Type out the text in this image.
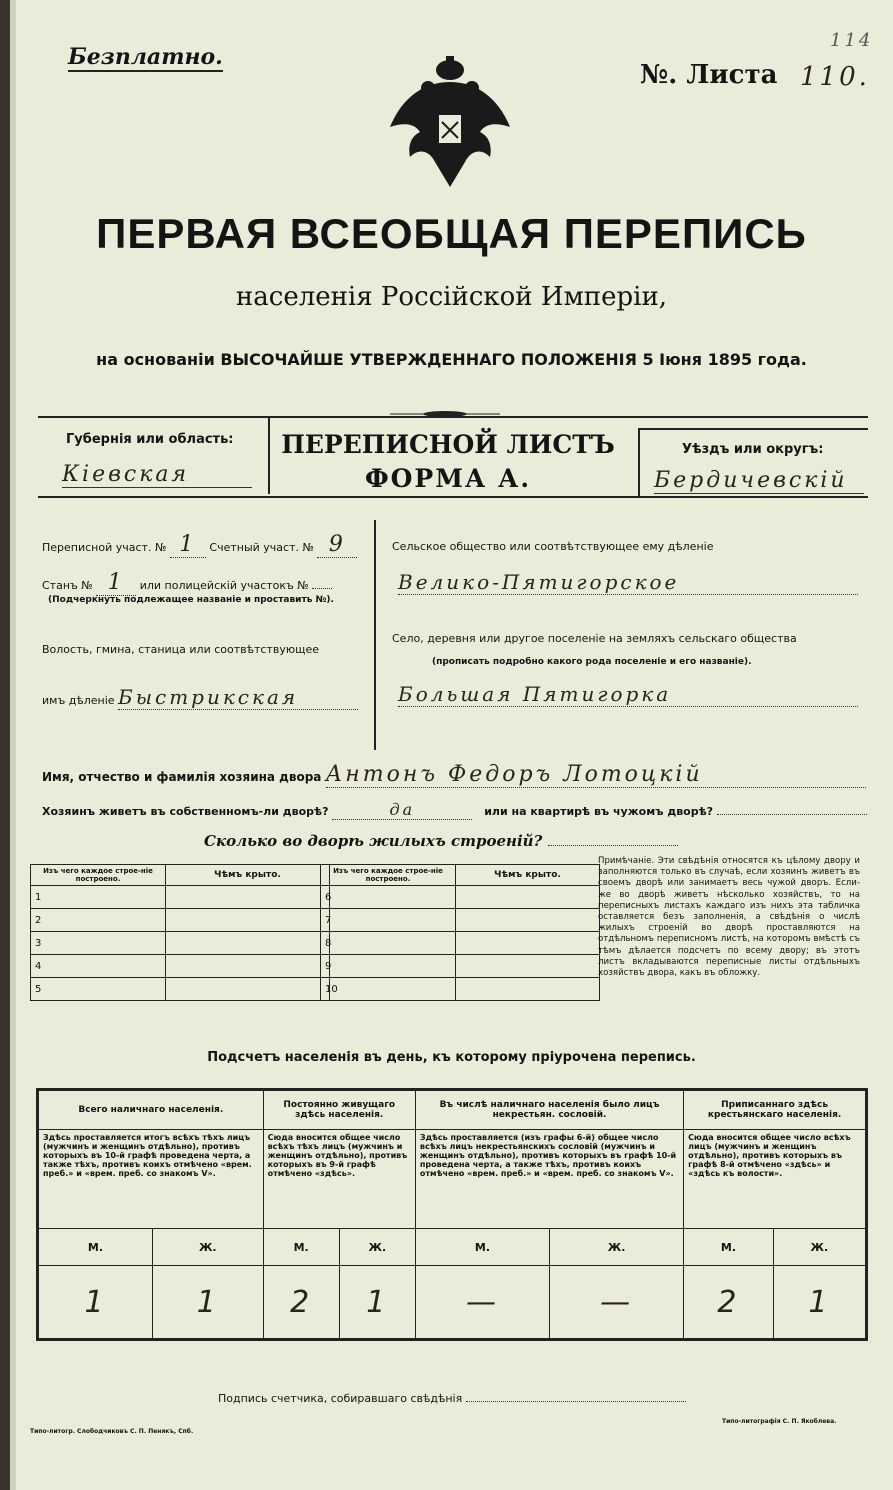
Безплатно.
№. Листа 110.
114
ПЕРВАЯ ВСЕОБЩАЯ ПЕРЕПИСЬ
населенія Россійской Имперіи,
на основаніи ВЫСОЧАЙШЕ УТВЕРЖДЕННАГО ПОЛОЖЕНІЯ 5 Іюня 1895 года.
Губернія или область:
Кіевская
ПЕРЕПИСНОЙ ЛИСТЪ
ФОРМА А.
Уѣздъ или округъ:
Бердичевскій
Переписной участ. № 1 Счетный участ. № 9
Станъ № 1 или полицейскій участокъ №
(Подчеркнуть подлежащее названіе и проставить №).
Волость, гмина, станица или соотвѣтствующее
имъ дѣленіе Быстрикская
Сельское общество или соотвѣтствующее ему дѣленіе
Велико-Пятигорское
Село, деревня или другое поселеніе на земляхъ сельскаго общества
(прописать подробно какого рода поселеніе и его названіе).
Большая Пятигорка
Имя, отчество и фамилія хозяина двора Антонъ Федоръ Лотоцкій
Хозяинъ живетъ въ собственномъ-ли дворѣ?	да	или на квартирѣ въ чужомъ дворѣ?
Сколько во дворѣ жилыхъ строеній?
Изъ чего каждое строе-ніе построено.	Чѣмъ крыто.
1	
2	
3	
4	
5	
Изъ чего каждое строе-ніе построено.	Чѣмъ крыто.
6	
7	
8	
9	
10	
Примѣчаніе. Эти свѣдѣнія относятся къ цѣлому двору и заполняются только въ случаѣ, если хозяинъ живетъ въ своемъ дворѣ или занимаетъ весь чужой дворъ. Если-же во дворѣ живетъ нѣсколько хозяйствъ, то на переписныхъ листахъ каждаго изъ нихъ эта табличка оставляется безъ заполненія, а свѣдѣнія о числѣ жилыхъ строеній во дворѣ проставляются на отдѣльномъ переписномъ листѣ, на которомъ вмѣстѣ съ тѣмъ дѣлается подсчетъ по всему двору; въ этотъ листъ вкладываются переписные листы отдѣльныхъ хозяйствъ двора, какъ въ обложку.
Подсчетъ населенія въ день, къ которому пріурочена перепись.
Всего наличнаго населенія.		Постоянно живущаго здѣсь населенія.		Въ числѣ наличнаго населенія было лицъ некрестьян. сословій.		Приписаннаго здѣсь крестьянскаго населенія.	
Здѣсь проставляется итогъ всѣхъ тѣхъ лицъ (мужчинъ и женщинъ отдѣльно), противъ которыхъ въ 10-й графѣ проведена черта, а также тѣхъ, противъ коихъ отмѣчено «врем. преб.» и «врем. преб. со знакомъ V».		Сюда вносится общее число всѣхъ тѣхъ лицъ (мужчинъ и женщинъ отдѣльно), противъ которыхъ въ 9-й графѣ отмѣчено «здѣсь».		Здѣсь проставляется (изъ графы 6-й) общее число всѣхъ лицъ некрестьянскихъ сословій (мужчинъ и женщинъ отдѣльно), противъ которыхъ въ графѣ 10-й проведена черта, а также тѣхъ, противъ коихъ отмѣчено «врем. преб.» и «врем. преб. со знакомъ V».		Сюда вносится общее число всѣхъ лицъ (мужчинъ и женщинъ отдѣльно), противъ которыхъ въ графѣ 8-й отмѣчено «здѣсь» и «здѣсь къ волости».	
М.	Ж.	М.	Ж.	М.	Ж.	М.	Ж.
1	1	2	1	—	—	2	1
Подпись счетчика, собиравшаго свѣдѣнія
Типо-литогр. Слободчиковъ С. П. Пенякъ, Спб.
Типо-литографія С. П. Якоблева.
